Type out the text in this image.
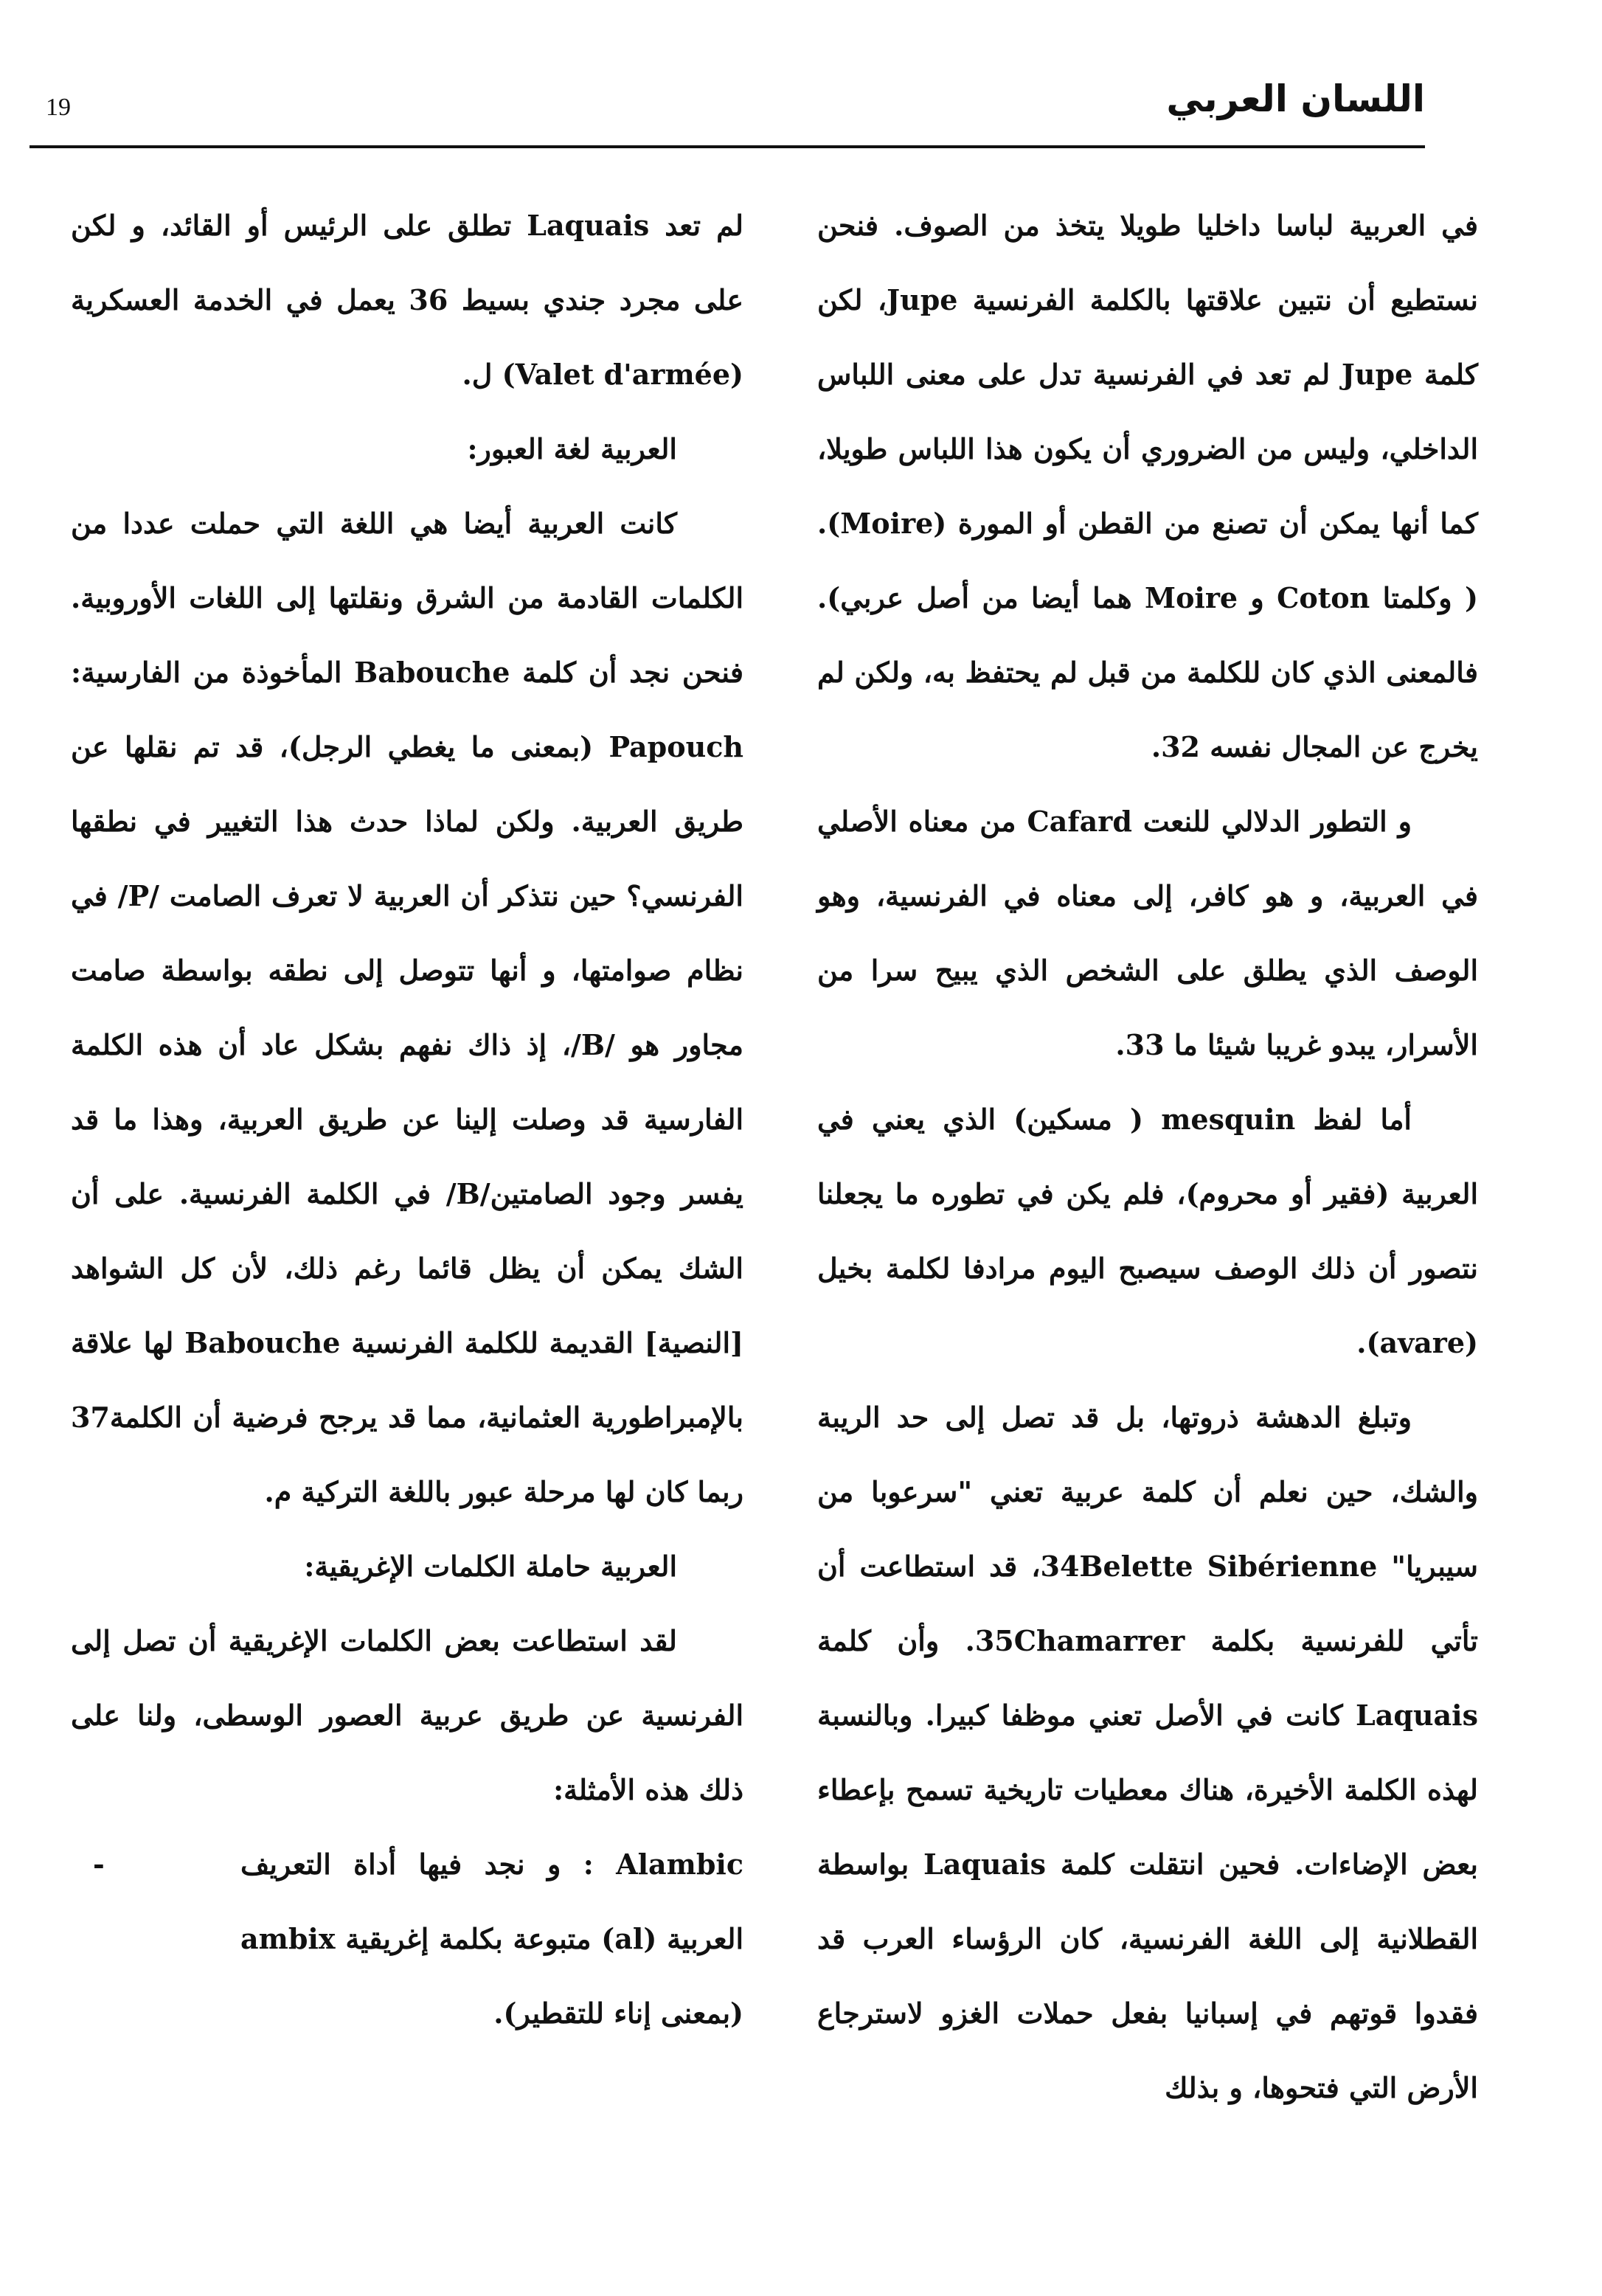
19	اللسان العربي

في العربية لباسا داخليا طويلا يتخذ من الصوف. فنحن نستطيع أن نتبين علاقتها بالكلمة الفرنسية Jupe، لكن كلمة Jupe لم تعد في الفرنسية تدل على معنى اللباس الداخلي، وليس من الضروري أن يكون هذا اللباس طويلا، كما أنها يمكن أن تصنع من القطن أو المورة (Moire). ( وكلمتا Coton و Moire هما أيضا من أصل عربي). فالمعنى الذي كان للكلمة من قبل لم يحتفظ به، ولكن لم يخرج عن المجال نفسه 32.

و التطور الدلالي للنعت Cafard من معناه الأصلي في العربية، و هو كافر، إلى معناه في الفرنسية، وهو الوصف الذي يطلق على الشخص الذي يبيح سرا من الأسرار، يبدو غريبا شيئا ما 33.

أما لفظ mesquin ( مسكين) الذي يعني في العربية (فقير أو محروم)، فلم يكن في تطوره ما يجعلنا نتصور أن ذلك الوصف سيصبح اليوم مرادفا لكلمة بخيل (avare).

وتبلغ الدهشة ذروتها، بل قد تصل إلى حد الريبة والشك، حين نعلم أن كلمة عربية تعني "سرعوبا من سيبريا" 34Belette Sibérienne، قد استطاعت أن تأتي للفرنسية بكلمة 35Chamarrer. وأن كلمة Laquais كانت في الأصل تعني موظفا كبيرا. وبالنسبة لهذه الكلمة الأخيرة، هناك معطيات تاريخية تسمح بإعطاء بعض الإضاءات. فحين انتقلت كلمة Laquais بواسطة القطلانية إلى اللغة الفرنسية، كان الرؤساء العرب قد فقدوا قوتهم في إسبانيا بفعل حملات الغزو لاسترجاع الأرض التي فتحوها، و بذلك

لم تعد Laquais تطلق على الرئيس أو القائد، و لكن على مجرد جندي بسيط 36 يعمل في الخدمة العسكرية (Valet d'armée) ل.

العربية لغة العبور:

كانت العربية أيضا هي اللغة التي حملت عددا من الكلمات القادمة من الشرق ونقلتها إلى اللغات الأوروبية. فنحن نجد أن كلمة Babouche المأخوذة من الفارسية: Papouch (بمعنى ما يغطي الرجل)، قد تم نقلها عن طريق العربية. ولكن لماذا حدث هذا التغيير في نطقها الفرنسي؟ حين نتذكر أن العربية لا تعرف الصامت /P/ في نظام صوامتها، و أنها تتوصل إلى نطقه بواسطة صامت مجاور هو /B/، إذ ذاك نفهم بشكل عاد أن هذه الكلمة الفارسية قد وصلت إلينا عن طريق العربية، وهذا ما قد يفسر وجود الصامتين/B/ في الكلمة الفرنسية. على أن الشك يمكن أن يظل قائما رغم ذلك، لأن كل الشواهد [النصية] القديمة للكلمة الفرنسية Babouche لها علاقة بالإمبراطورية العثمانية، مما قد يرجح فرضية أن الكلمة37 ربما كان لها مرحلة عبور باللغة التركية م.

العربية حاملة الكلمات الإغريقية:

لقد استطاعت بعض الكلمات الإغريقية أن تصل إلى الفرنسية عن طريق عربية العصور الوسطى، ولنا على ذلك هذه الأمثلة:

-	Alambic : و نجد فيها أداة التعريف العربية (al) متبوعة بكلمة إغريقية ambix (بمعنى إناء للتقطير).
